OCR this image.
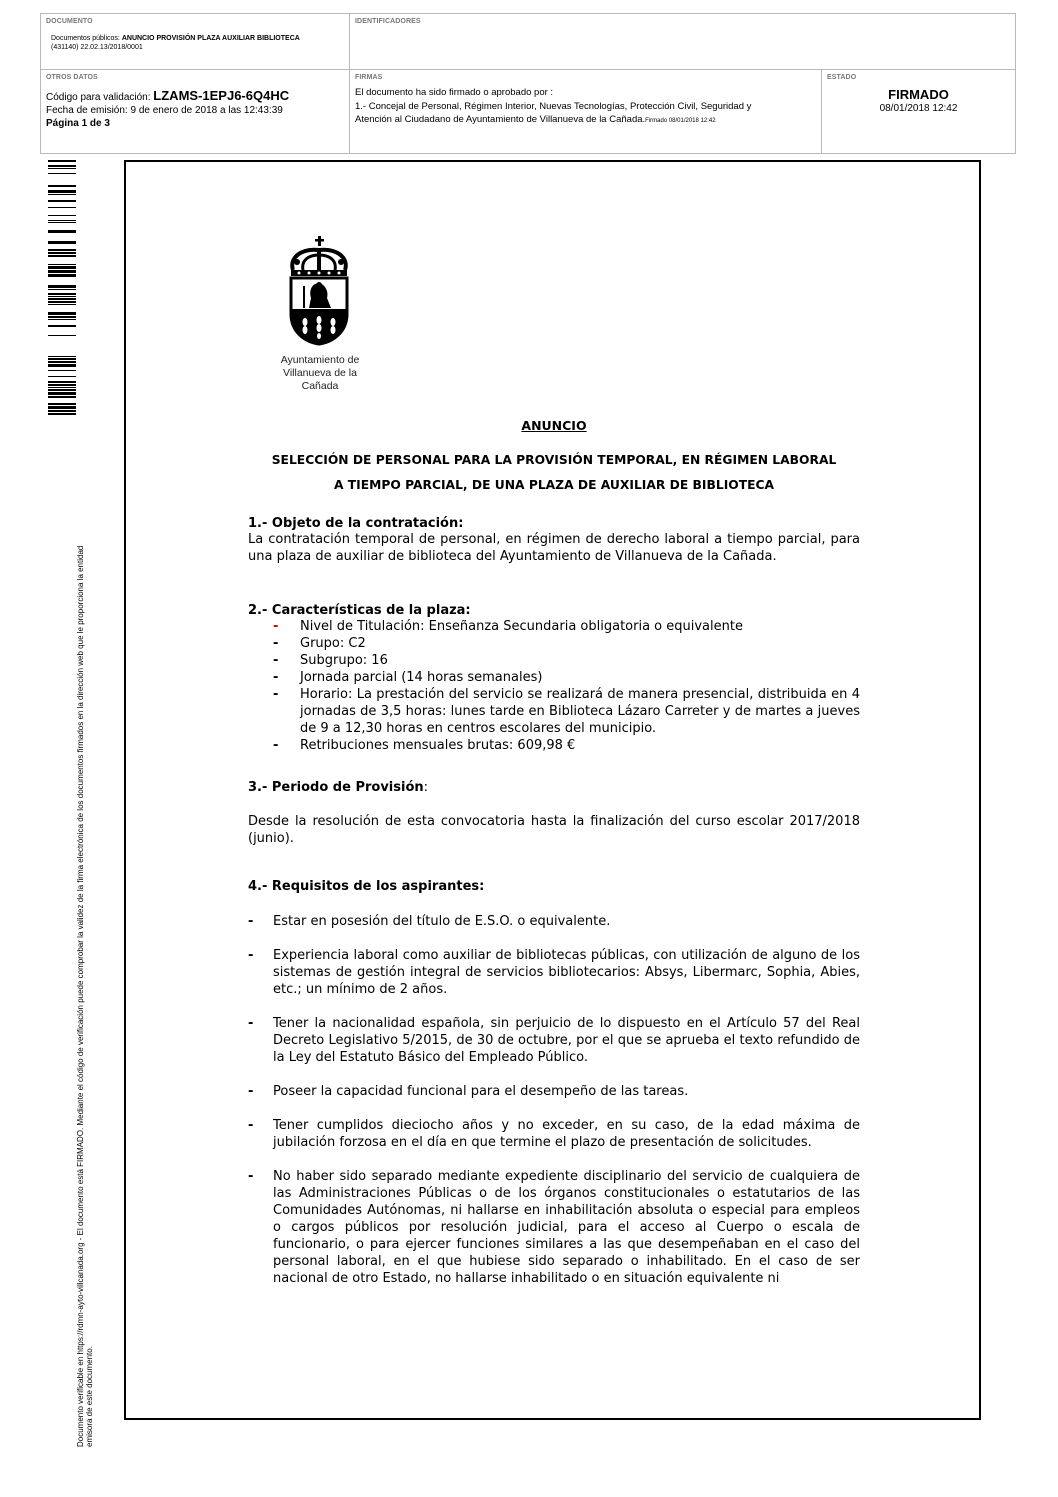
DOCUMENTO
Documentos públicos: ANUNCIO PROVISIÓN PLAZA AUXILIAR BIBLIOTECA
(431140) 22.02.13/2018/0001
IDENTIFICADORES
OTROS DATOS
Código para validación: LZAMS-1EPJ6-6Q4HC
Fecha de emisión: 9 de enero de 2018 a las 12:43:39
Página 1 de 3
FIRMAS
El documento ha sido firmado o aprobado por :
1.- Concejal de Personal, Régimen Interior, Nuevas Tecnologías, Protección Civil, Seguridad y
Atención al Ciudadano de Ayuntamiento de Villanueva de la Cañada.Firmado 08/01/2018 12:42
ESTADO
FIRMADO
08/01/2018 12:42
Documento verificable en https://rdmn-ayto-villcanada.org - El documento está FIRMADO. Mediante el código de verificación puede comprobar la validez de la firma electrónica de los documentos firmados en la dirección web que le proporciona la entidad emisora de este documento.
Ayuntamiento de
Villanueva de la Cañada
ANUNCIO
SELECCIÓN DE PERSONAL PARA LA PROVISIÓN TEMPORAL, EN RÉGIMEN LABORAL
A TIEMPO PARCIAL, DE UNA PLAZA DE AUXILIAR DE BIBLIOTECA
1.- Objeto de la contratación:
La contratación temporal de personal, en régimen de derecho laboral a tiempo parcial, para una plaza de auxiliar de biblioteca del Ayuntamiento de Villanueva de la Cañada.
2.- Características de la plaza:
- Nivel de Titulación: Enseñanza Secundaria obligatoria o equivalente
- Grupo: C2
- Subgrupo: 16
- Jornada parcial (14 horas semanales)
- Horario: La prestación del servicio se realizará de manera presencial, distribuida en 4 jornadas de 3,5 horas: lunes tarde en Biblioteca Lázaro Carreter y de martes a jueves de 9 a 12,30 horas en centros escolares del municipio.
- Retribuciones mensuales brutas: 609,98 €
3.- Periodo de Provisión:
Desde la resolución de esta convocatoria hasta la finalización del curso escolar 2017/2018 (junio).
4.- Requisitos de los aspirantes:
- Estar en posesión del título de E.S.O. o equivalente.
- Experiencia laboral como auxiliar de bibliotecas públicas, con utilización de alguno de los sistemas de gestión integral de servicios bibliotecarios: Absys, Libermarc, Sophia, Abies, etc.; un mínimo de 2 años.
- Tener la nacionalidad española, sin perjuicio de lo dispuesto en el Artículo 57 del Real Decreto Legislativo 5/2015, de 30 de octubre, por el que se aprueba el texto refundido de la Ley del Estatuto Básico del Empleado Público.
- Poseer la capacidad funcional para el desempeño de las tareas.
- Tener cumplidos dieciocho años y no exceder, en su caso, de la edad máxima de jubilación forzosa en el día en que termine el plazo de presentación de solicitudes.
- No haber sido separado mediante expediente disciplinario del servicio de cualquiera de las Administraciones Públicas o de los órganos constitucionales o estatutarios de las Comunidades Autónomas, ni hallarse en inhabilitación absoluta o especial para empleos o cargos públicos por resolución judicial, para el acceso al Cuerpo o escala de funcionario, o para ejercer funciones similares a las que desempeñaban en el caso del personal laboral, en el que hubiese sido separado o inhabilitado. En el caso de ser nacional de otro Estado, no hallarse inhabilitado o en situación equivalente ni
